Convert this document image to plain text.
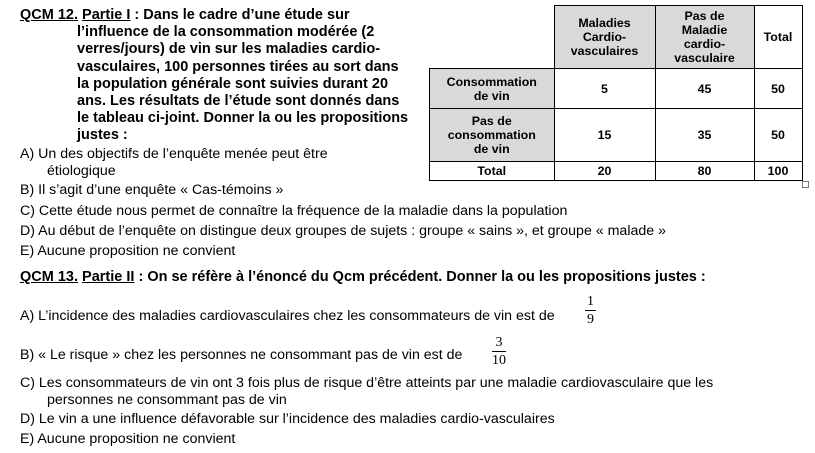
QCM 12. Partie I : Dans le cadre d’une étude sur
l’influence de la consommation modérée (2
verres/jours) de vin sur les maladies cardio-
vasculaires, 100 personnes tirées au sort dans
la population générale sont suivies durant 20
ans. Les résultats de l’étude sont donnés dans
le tableau ci-joint. Donner la ou les propositions
justes :
A) Un des objectifs de l’enquête menée peut être
étiologique
B) Il s’agit d’une enquête « Cas-témoins »
C) Cette étude nous permet de connaître la fréquence de la maladie dans la population
D) Au début de l’enquête on distingue deux groupes de sujets : groupe « sains », et groupe « malade »
E) Aucune proposition ne convient

	Maladies
Cardio-
vasculaires	Pas de
Maladie
cardio-
vasculaire	Total

Consommation
de vin	5	45	50

Pas de
consommation
de vin	15	35	50
Total	20	80	100
QCM 13. Partie II : On se réfère à l’énoncé du Qcm précédent. Donner la ou les propositions justes :
A) L’incidence des maladies cardiovasculaires chez les consommateurs de vin est de
1
9
B) « Le risque » chez les personnes ne consommant pas de vin est de
3
10
C) Les consommateurs de vin ont 3 fois plus de risque d’être atteints par une maladie cardiovasculaire que les
personnes ne consommant pas de vin
D) Le vin a une influence défavorable sur l’incidence des maladies cardio-vasculaires
E) Aucune proposition ne convient
